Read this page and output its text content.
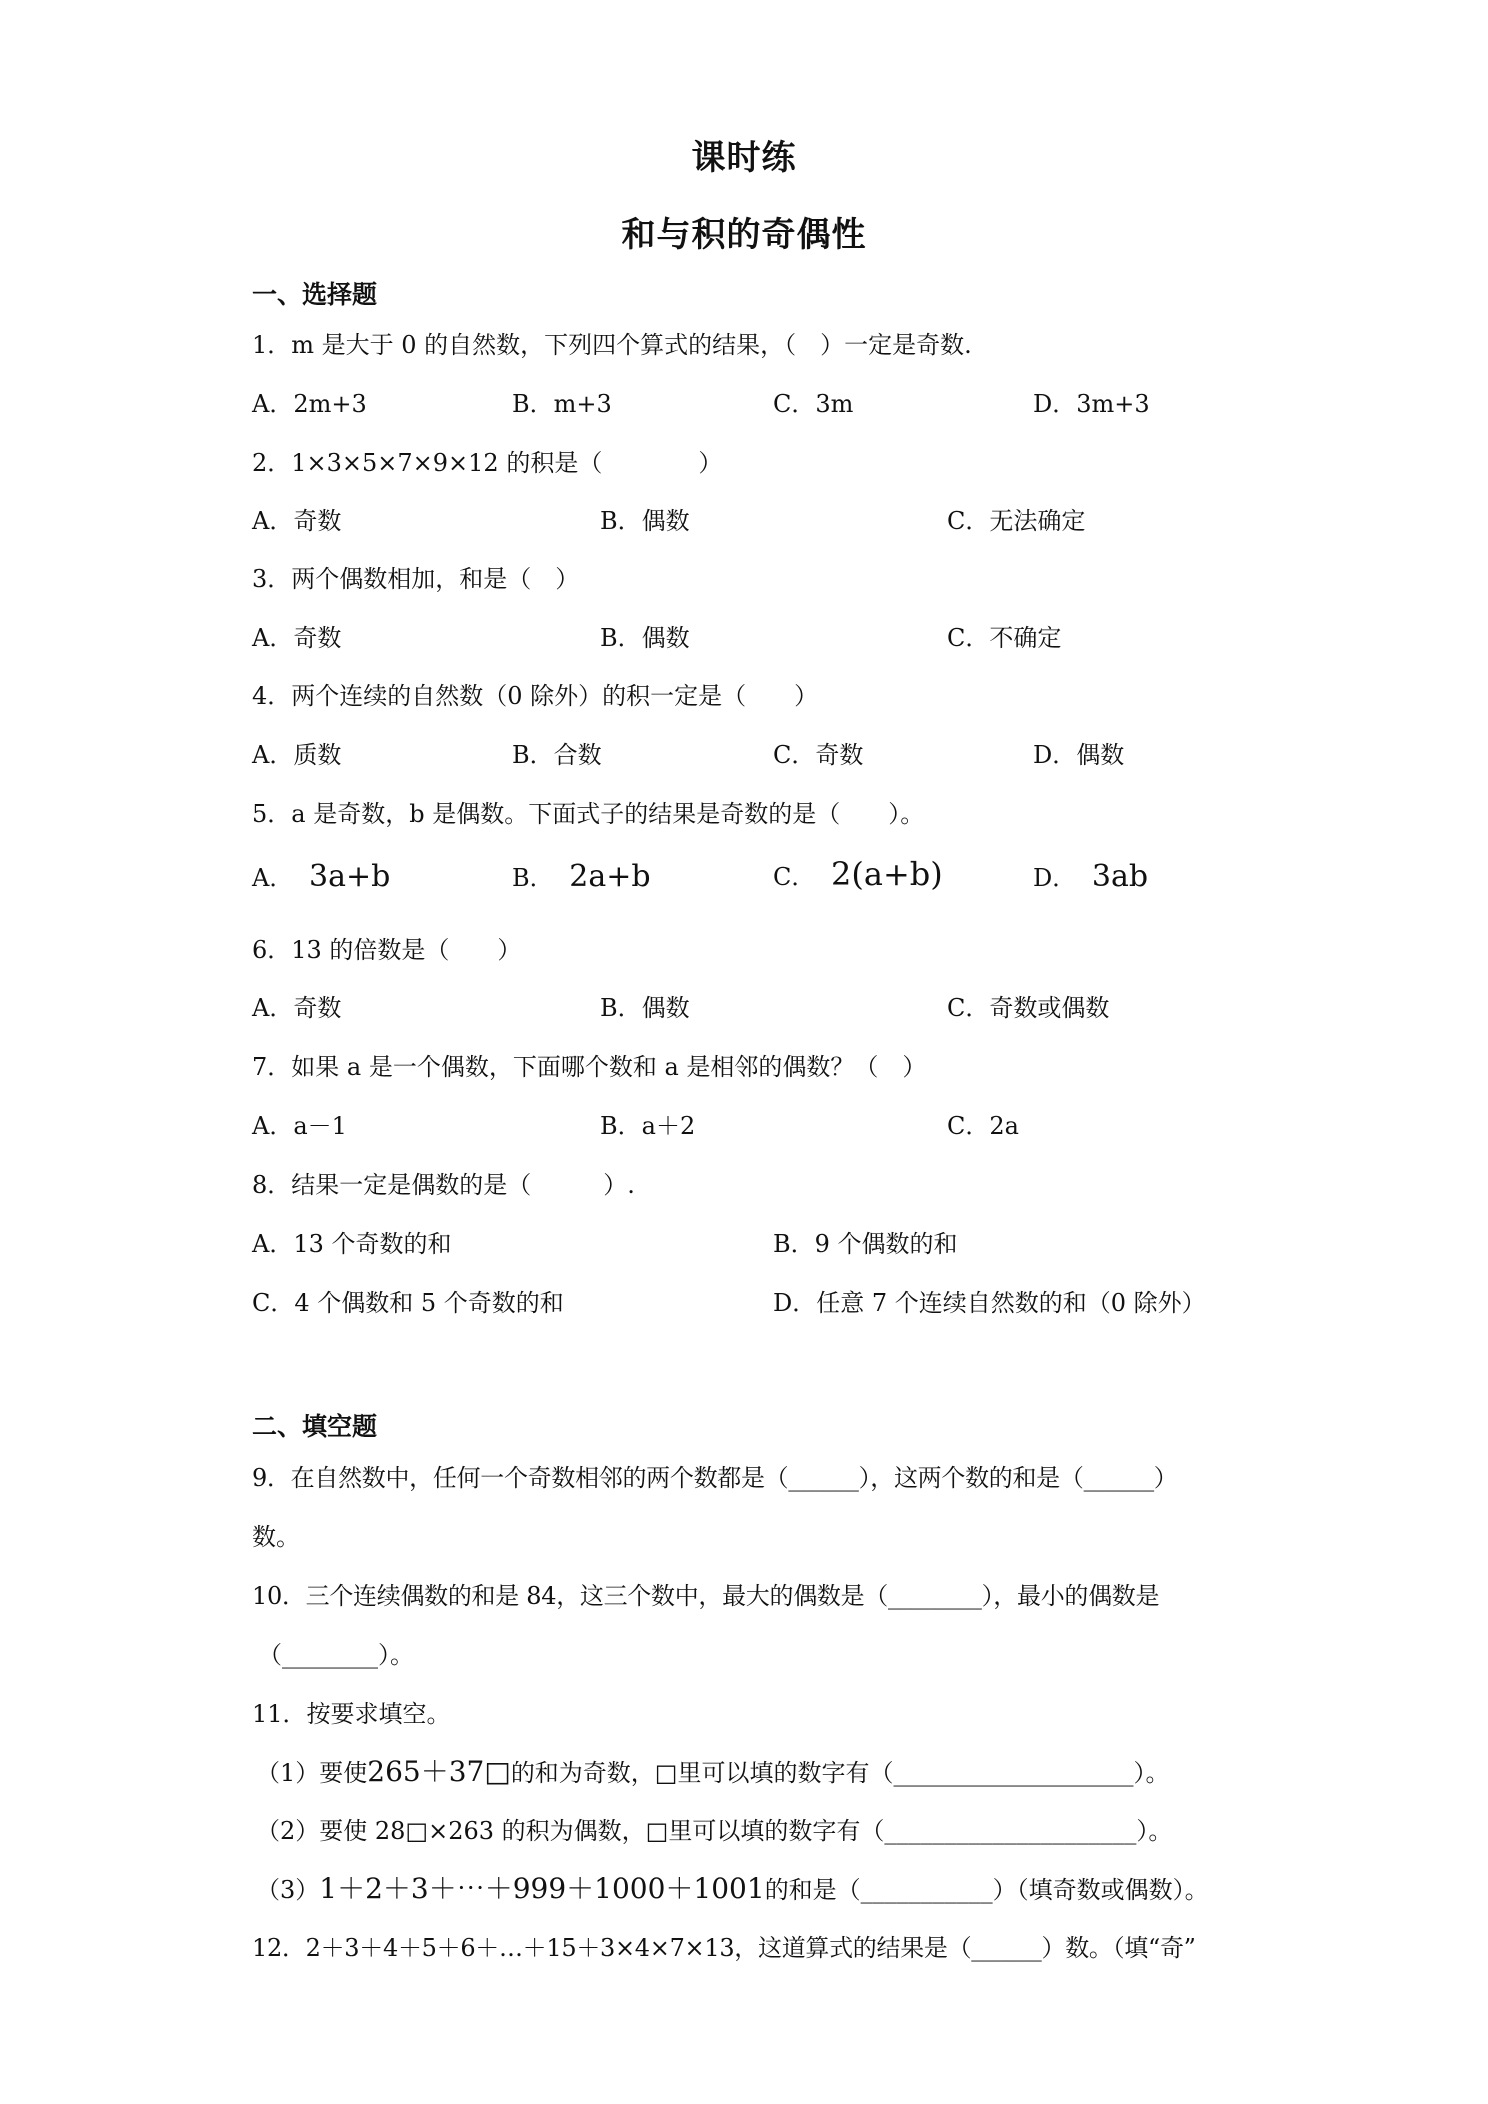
课时练
和与积的奇偶性
一、选择题
1．m 是大于 0 的自然数，下列四个算式的结果，（　）一定是奇数.
A．2m+3	B．m+3	C．3m	D．3m+3
2．1×3×5×7×9×12 的积是（　　　　）
A．奇数	B．偶数	C．无法确定
3．两个偶数相加，和是（　）
A．奇数	B．偶数	C．不确定
4．两个连续的自然数（0 除外）的积一定是（　　）
A．质数	B．合数	C．奇数	D．偶数
5．a 是奇数，b 是偶数。下面式子的结果是奇数的是（　　）。
A． 3a+b	B． 2a+b	C． 2(a+b)	D． 3ab
6．13 的倍数是（　　）
A．奇数	B．偶数	C．奇数或偶数
7．如果 a 是一个偶数，下面哪个数和 a 是相邻的偶数？（　）
A．a－1	B．a＋2	C．2a
8．结果一定是偶数的是（　　　）.
A．13 个奇数的和	B．9 个偶数的和
C．4 个偶数和 5 个奇数的和	D．任意 7 个连续自然数的和（0 除外）
二、填空题
9．在自然数中，任何一个奇数相邻的两个数都是（______），这两个数的和是（______）
数。
10．三个连续偶数的和是 84，这三个数中，最大的偶数是（________），最小的偶数是
（________）。
11．按要求填空。
（1）要使265＋37□的和为奇数，□里可以填的数字有（____________________）。
（2）要使 28□×263 的积为偶数，□里可以填的数字有（_____________________）。
（3）1＋2＋3＋⋯＋999＋1000＋1001的和是（___________）（填奇数或偶数）。
12．2＋3＋4＋5＋6＋…＋15＋3×4×7×13，这道算式的结果是（______）数。（填“奇”
